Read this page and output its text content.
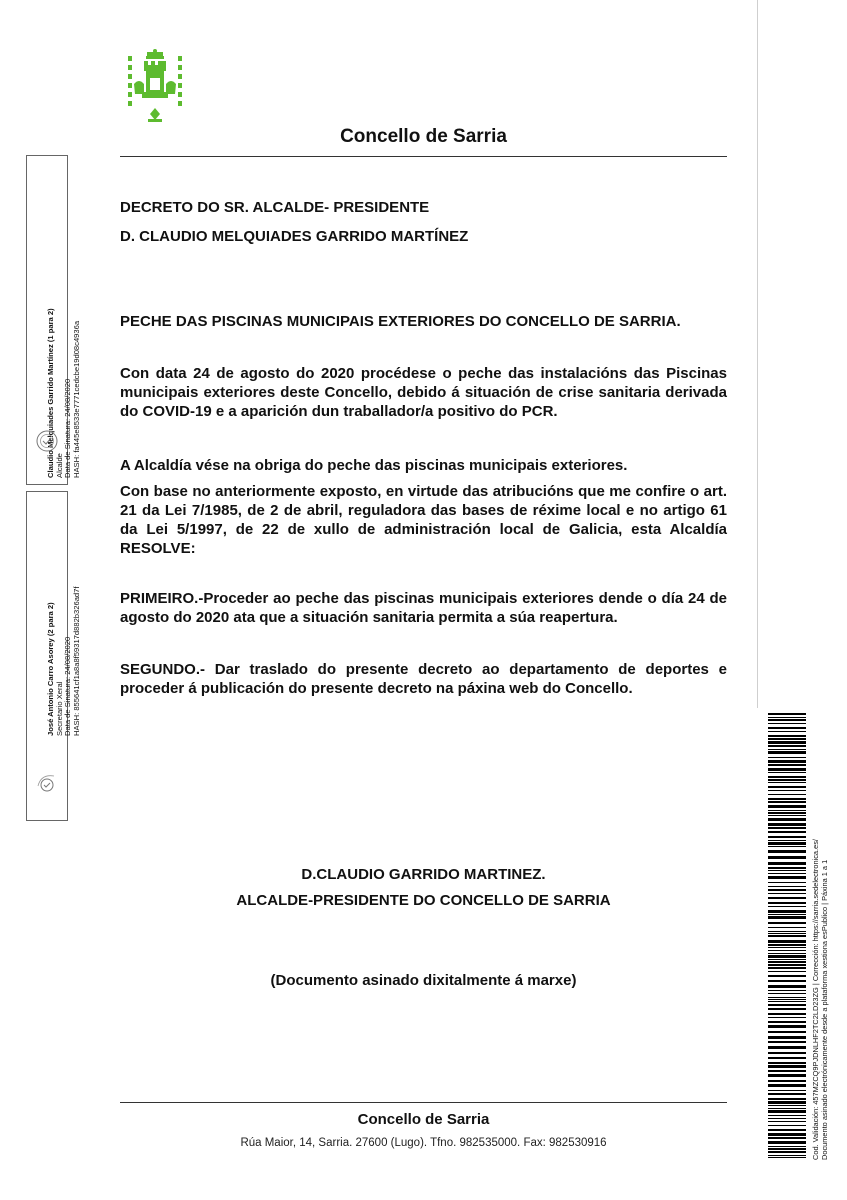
Concello de Sarria
DECRETO DO SR. ALCALDE- PRESIDENTE
D. CLAUDIO MELQUIADES GARRIDO MARTÍNEZ
PECHE DAS PISCINAS MUNICIPAIS EXTERIORES DO CONCELLO DE SARRIA.
Con data 24 de agosto do 2020 procédese o peche das instalacións das Piscinas municipais exteriores deste Concello, debido á situación de crise sanitaria derivada do COVID-19 e a aparición dun traballador/a positivo do PCR.
A Alcaldía vése na obriga do peche das piscinas municipais exteriores.
Con base no anteriormente exposto, en virtude das atribucións que me confire o art. 21 da Lei 7/1985, de 2 de abril, reguladora das bases de réxime local e no artigo 61 da Lei 5/1997, de 22 de xullo de administración local de Galicia, esta Alcaldía RESOLVE:
PRIMEIRO.-Proceder ao peche das piscinas municipais exteriores dende o día 24 de agosto do 2020 ata que a situación sanitaria permita a súa reapertura.
SEGUNDO.- Dar traslado do presente decreto ao departamento de deportes e proceder á publicación do presente decreto na páxina web do Concello.
D.CLAUDIO GARRIDO MARTINEZ.
ALCALDE-PRESIDENTE DO CONCELLO DE SARRIA
(Documento asinado dixitalmente á marxe)
Concello de Sarria
Rúa Maior, 14, Sarria. 27600 (Lugo). Tfno. 982535000. Fax: 982530916
Claudio Melquiades Garrido Martínez (1 para 2) Alcalde Data de Sinatura: 24/08/2020 HASH: fa445e8533e7771cedcbe19d08c4936a
José Antonio Carro Asorey (2 para 2) Secretario Xeral Data de Sinatura: 24/08/2020 HASH: 855641cf1a8a8f59317d882b326ad7f
Cod. Validación: 457MZCQ9PJDNLHF2TC2LD23ZG | Corrección: https://sarria.sedelectronica.es/ Documento asinado electrónicamente desde a plataforma xestiona esPublico | Páxina 1 a 1
